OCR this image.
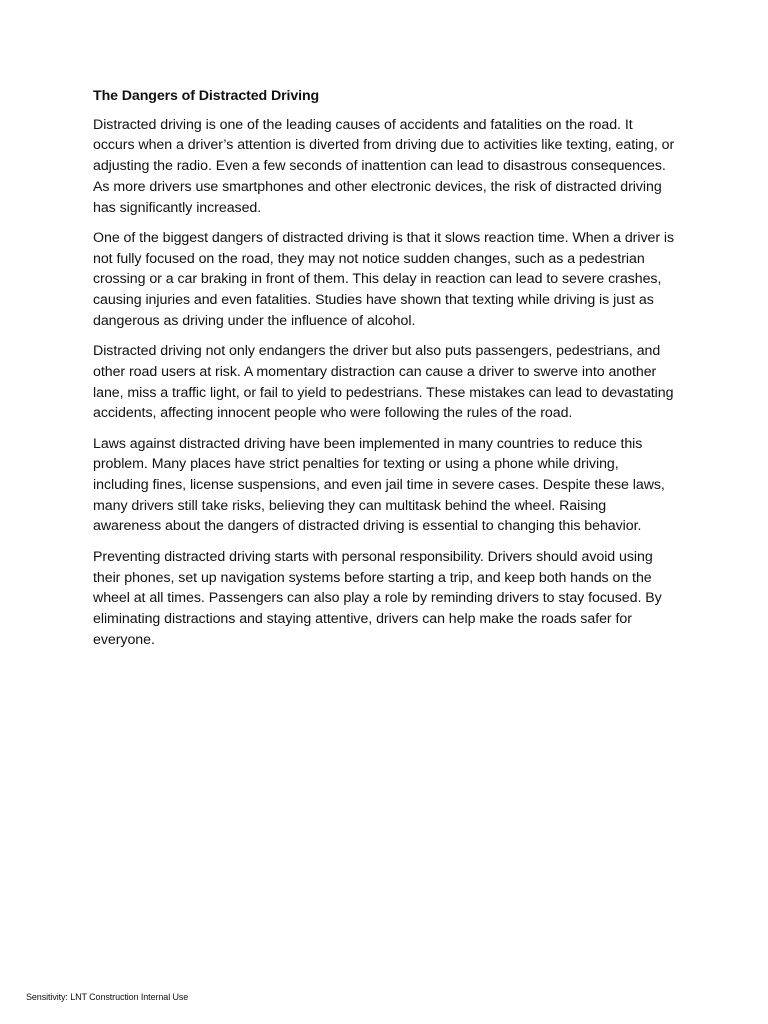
The Dangers of Distracted Driving

Distracted driving is one of the leading causes of accidents and fatalities on the road. It occurs when a driver’s attention is diverted from driving due to activities like texting, eating, or adjusting the radio. Even a few seconds of inattention can lead to disastrous consequences. As more drivers use smartphones and other electronic devices, the risk of distracted driving has significantly increased.

One of the biggest dangers of distracted driving is that it slows reaction time. When a driver is not fully focused on the road, they may not notice sudden changes, such as a pedestrian crossing or a car braking in front of them. This delay in reaction can lead to severe crashes, causing injuries and even fatalities. Studies have shown that texting while driving is just as dangerous as driving under the influence of alcohol.

Distracted driving not only endangers the driver but also puts passengers, pedestrians, and other road users at risk. A momentary distraction can cause a driver to swerve into another lane, miss a traffic light, or fail to yield to pedestrians. These mistakes can lead to devastating accidents, affecting innocent people who were following the rules of the road.

Laws against distracted driving have been implemented in many countries to reduce this problem. Many places have strict penalties for texting or using a phone while driving, including fines, license suspensions, and even jail time in severe cases. Despite these laws, many drivers still take risks, believing they can multitask behind the wheel. Raising awareness about the dangers of distracted driving is essential to changing this behavior.

Preventing distracted driving starts with personal responsibility. Drivers should avoid using their phones, set up navigation systems before starting a trip, and keep both hands on the wheel at all times. Passengers can also play a role by reminding drivers to stay focused. By eliminating distractions and staying attentive, drivers can help make the roads safer for everyone.

Sensitivity: LNT Construction Internal Use
